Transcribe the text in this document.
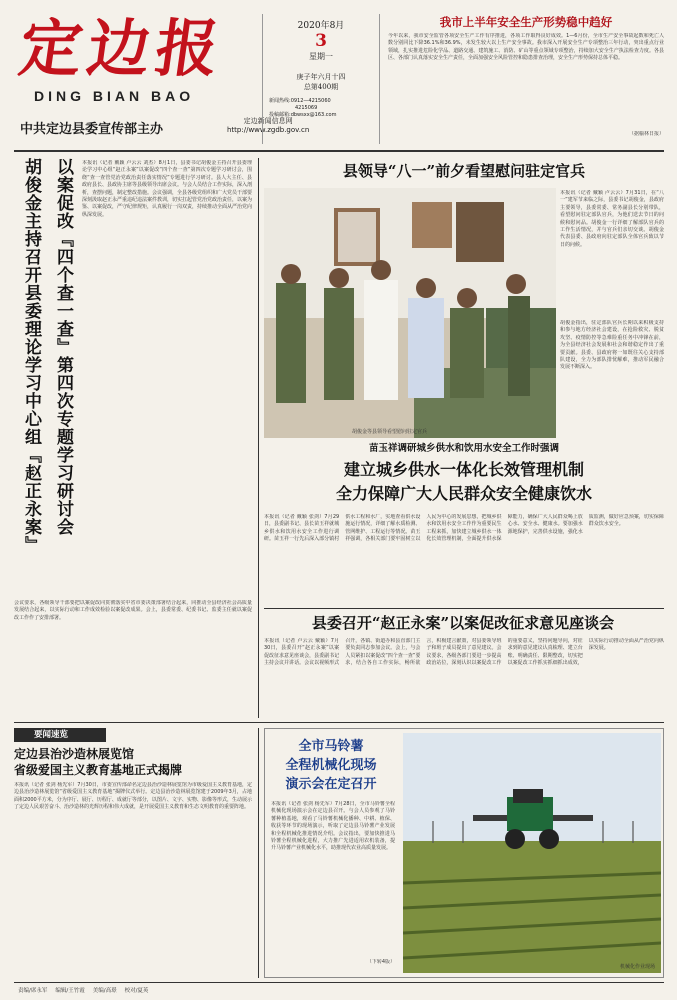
定边报
DING BIAN BAO
中共定边县委宣传部主办
定边新闻信息网
http://www.zgdb.gov.cn
2020年8月
3
星期一
庚子年六月十四
总第400期
新闻热线:0912—4215060
4215069
投稿邮箱:dbwsxx@163.com
我市上半年安全生产形势稳中趋好
今年以来，我市安全监管各项安全生产工作有序推进，各项工作取得良好成效。1—6月份，全市生产安全事故起数和死亡人数分别同比下降36.1%和36.9%，未发生较大以上生产安全事故。我市深入开展安全生产专项整治三年行动，突出重点行业领域，扎实推进危险化学品、道路交通、建筑施工、消防、矿山等重点领域专项整治，持续加大安全生产执法检查力度。各县区、各部门认真落实安全生产责任，全面加强安全风险管控和隐患排查治理，安全生产形势保持总体平稳。
（据榆林日报）
以案促改『四个查一查』第四次专题学习研讨会
胡俊金主持召开县委理论学习中心组『赵正永案』	本报讯（记者 戴颖 卢云云 刘杰）8月1日，县委书记胡俊金主持召开县委理论学习中心组“赵正永案”以案促改“四个查一查”第四次专题学习研讨会，围绕“查一查管党治党政治责任落实情况”专题进行学习研讨。县人大主任、县政府县长、县政协主席等县级领导出席会议。与会人员结合工作实际，深入剖析，查摆问题，制定整改措施。会议强调，全县各级党组织和广大党员干部要深刻汲取赵正永严重违纪违法案件教训，切实扛起管党治党政治责任，以案为鉴、以案促改，严守纪律规矩，认真履行一岗双责，持续推动全面从严治党向纵深发展。
会议要求，各级领导干部要把以案促改同贯彻落实中省市委决策部署结合起来，同推动全县经济社会高质量发展结合起来，以实际行动和工作成效检验以案促改成果。会上，县委常委、纪委书记、监委主任就以案促改工作作了安排部署。
县领导“八一”前夕看望慰问驻定官兵
胡俊金等县领导看望慰问驻定官兵
本报讯（记者 戴颖 卢云云）7月31日，在“八一”建军节来临之际，县委书记胡俊金，县政府主要领导，县委常委、常务副县长分别带队，看望慰问驻定部队官兵，为他们送去节日的问候和慰问品。胡俊金一行详细了解部队官兵的工作生活情况，并与官兵们亲切交谈。胡俊金代表县委、县政府向驻定部队全体官兵致以节日的问候。
胡俊金指出，驻定部队官兵长期以来积极支持和参与地方经济社会建设，在抢险救灾、脱贫攻坚、疫情防控等急难险重任务中冲锋在前，为全县经济社会发展和社会和谐稳定作出了重要贡献。县委、县政府将一如既往关心支持部队建设，全力为部队排忧解难，推动军民融合发展不断深入。
苗玉祥调研城乡供水和饮用水安全工作时强调
建立城乡供水一体化长效管理机制
全力保障广大人民群众安全健康饮水
本报讯（记者 戴颖 张剑）7月29日，县委副书记、县长苗玉祥就城乡供水和饮用水安全工作进行调研。苗玉祥一行先后深入部分镇村供水工程和水厂，实地查看供水设施运行情况，详细了解水质检测、管网维护、工程运行等情况。苗玉祥强调，各相关部门要牢固树立以人民为中心的发展思想，把城乡供水和饮用水安全工作作为重要民生工程来抓，加快建立城乡供水一体化长效管理机制，全面提升供水保障能力，确保广大人民群众喝上放心水、安全水、健康水。要加强水源地保护，完善供水设施，强化水质监测，做好应急预案，切实保障群众饮水安全。
县委召开“赵正永案”以案促改征求意见座谈会
本报讯（记者 卢云云 戴颖）7月30日，县委召开“赵正永案”以案促改征求意见座谈会，县委副书记主持会议并讲话。会议以视频形式召开，各镇、街道办和县直部门主要负责同志参加会议。会上，与会人员紧扣以案促改“四个查一查”要求，结合各自工作实际，畅所欲言，积极建言献策，对县委领导班子和班子成员提出了意见建议。会议要求，各级各部门要进一步提高政治站位，深刻认识以案促改工作的重要意义，坚持问题导向，对征求到的意见建议认真梳理、建立台账、明确责任、限期整改，切实把以案促改工作抓实抓细抓出成效，以实际行动推动全面从严治党向纵深发展。
要闻速览
定边县治沙造林展览馆
省级爱国主义教育基地正式揭牌
本报讯（记者 张剑 杨先军）7月30日，市委宣传部命名定边县治沙造林展览馆为市级爱国主义教育基地，定边县治沙造林展览馆“省级爱国主义教育基地”揭牌仪式举行。定边县治沙造林展览馆建于2009年3月，占地面积2000平方米，分为序厅、展厅、历程厅、成就厅等部分，以图片、文字、实物、影像等形式，生动展示了定边人民艰苦奋斗、治沙造林的光辉历程和伟大成就，是开展爱国主义教育和生态文明教育的重要阵地。
全市马铃薯
全程机械化现场
演示会在定召开
本报讯（记者 张剑 杨先军）7月28日，全市马铃薯全程机械化现场演示会在定边县召开。与会人员参观了马铃薯种植基地，观看了马铃薯机械化播种、中耕、植保、收获等环节的现场演示，听取了定边县马铃薯产业发展和全程机械化推进情况介绍。会议指出，要加快推进马铃薯全程机械化进程，大力推广先进适用农机装备，提升马铃薯产业机械化水平，助推现代农业高质量发展。
（下转4版）
机械化作业现场
责编/席永军 编辑/王竹霞 美编/高璟 校对/夏英
